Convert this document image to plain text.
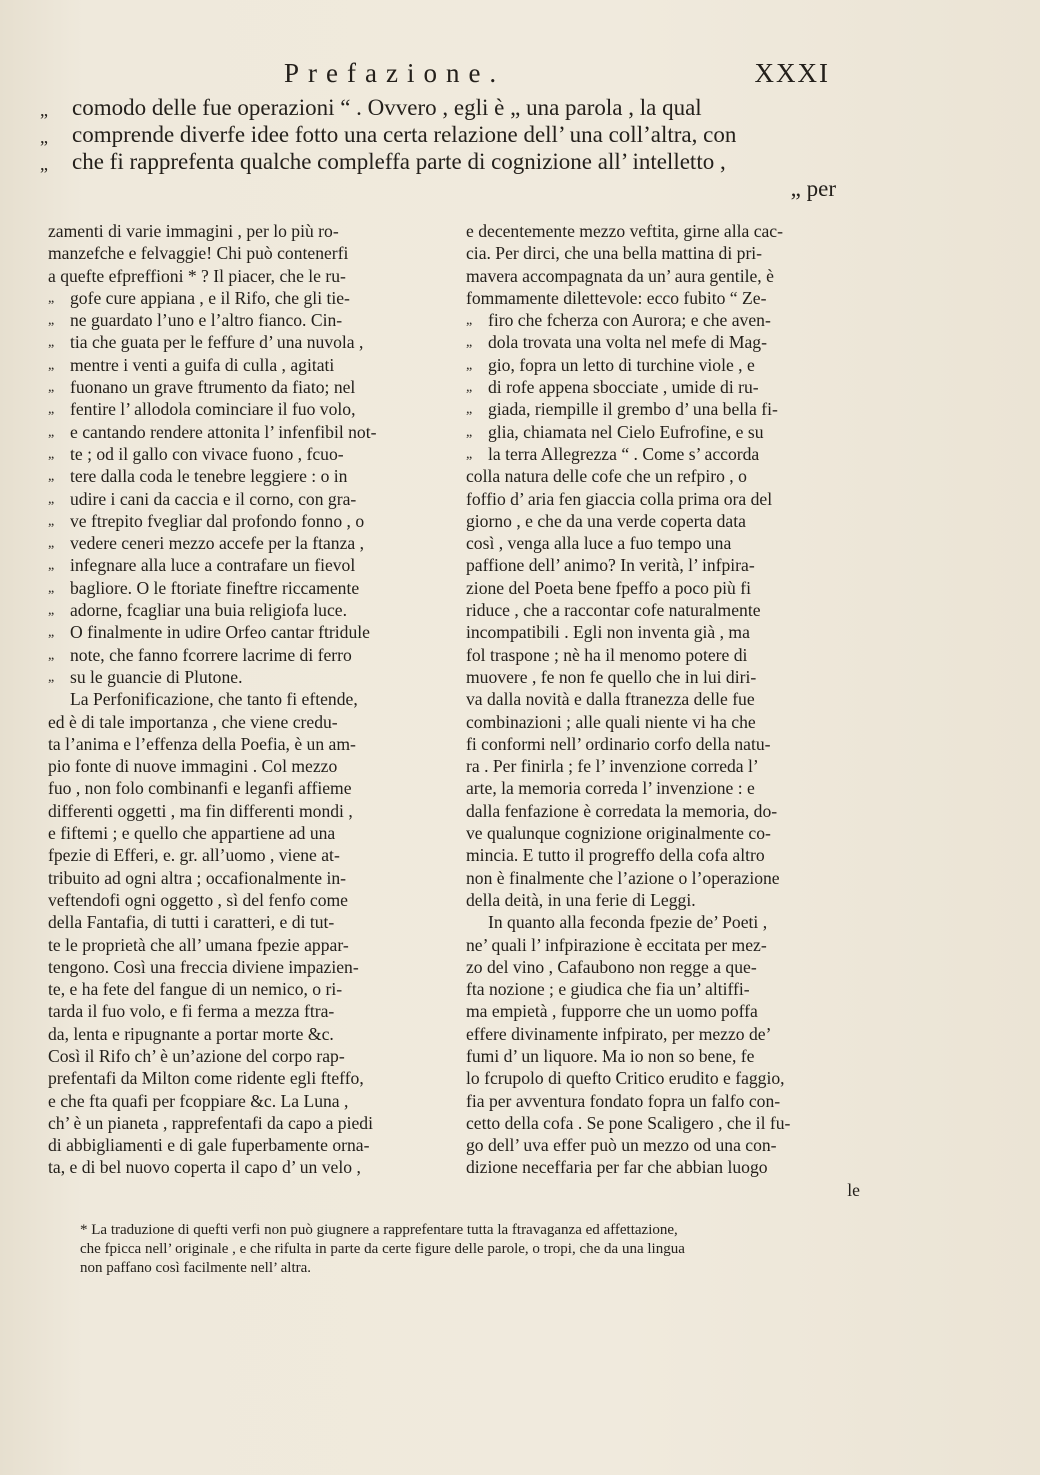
Prefazione.	XXXI
„ comodo delle fue operazioni “ . Ovvero , egli è „ una parola , la qual
„ comprende diverfe idee fotto una certa relazione dell’ una coll’altra, con
„ che fi rapprefenta qualche compleffa parte di cognizione all’ intelletto ,
„ per
zamenti di varie immagini , per lo più ro-
manzefche e felvaggie! Chi può contenerfi
a quefte efpreffioni * ? Il piacer, che le ru-
„ gofe cure appiana , e il Rifo, che gli tie-
„ ne guardato l’uno e l’altro fianco. Cin-
„ tia che guata per le feffure d’ una nuvola ,
„ mentre i venti a guifa di culla , agitati
„ fuonano un grave ftrumento da fiato; nel
„ fentire l’ allodola cominciare il fuo volo,
„ e cantando rendere attonita l’ infenfibil not-
„ te ; od il gallo con vivace fuono , fcuo-
„ tere dalla coda le tenebre leggiere : o in
„ udire i cani da caccia e il corno, con gra-
„ ve ftrepito fvegliar dal profondo fonno , o
„ vedere ceneri mezzo accefe per la ftanza ,
„ infegnare alla luce a contrafare un fievol
„ bagliore. O le ftoriate fineftre riccamente
„ adorne, fcagliar una buia religiofa luce.
„ O finalmente in udire Orfeo cantar ftridule
„ note, che fanno fcorrere lacrime di ferro
„ su le guancie di Plutone.
La Perfonificazione, che tanto fi eftende,
ed è di tale importanza , che viene credu-
ta l’anima e l’effenza della Poefia, è un am-
pio fonte di nuove immagini . Col mezzo
fuo , non folo combinanfi e leganfi affieme
differenti oggetti , ma fin differenti mondi ,
e fiftemi ; e quello che appartiene ad una
fpezie di Efferi, e. gr. all’uomo , viene at-
tribuito ad ogni altra ; occafionalmente in-
veftendofi ogni oggetto , sì del fenfo come
della Fantafia, di tutti i caratteri, e di tut-
te le proprietà che all’ umana fpezie appar-
tengono. Così una freccia diviene impazien-
te, e ha fete del fangue di un nemico, o ri-
tarda il fuo volo, e fi ferma a mezza ftra-
da, lenta e ripugnante a portar morte &c.
Così il Rifo ch’ è un’azione del corpo rap-
prefentafi da Milton come ridente egli fteffo,
e che fta quafi per fcoppiare &c. La Luna ,
ch’ è un pianeta , rapprefentafi da capo a piedi
di abbigliamenti e di gale fuperbamente orna-
ta, e di bel nuovo coperta il capo d’ un velo ,
e decentemente mezzo veftita, girne alla cac-
cia. Per dirci, che una bella mattina di pri-
mavera accompagnata da un’ aura gentile, è
fommamente dilettevole: ecco fubito “ Ze-
„ firo che fcherza con Aurora; e che aven-
„ dola trovata una volta nel mefe di Mag-
„ gio, fopra un letto di turchine viole , e
„ di rofe appena sbocciate , umide di ru-
„ giada, riempille il grembo d’ una bella fi-
„ glia, chiamata nel Cielo Eufrofine, e su
„ la terra Allegrezza “ . Come s’ accorda
colla natura delle cofe che un refpiro , o
foffio d’ aria fen giaccia colla prima ora del
giorno , e che da una verde coperta data
così , venga alla luce a fuo tempo una
paffione dell’ animo? In verità, l’ infpira-
zione del Poeta bene fpeffo a poco più fi
riduce , che a raccontar cofe naturalmente
incompatibili . Egli non inventa già , ma
fol traspone ; nè ha il menomo potere di
muovere , fe non fe quello che in lui diri-
va dalla novità e dalla ftranezza delle fue
combinazioni ; alle quali niente vi ha che
fi conformi nell’ ordinario corfo della natu-
ra . Per finirla ; fe l’ invenzione corredа l’
arte, la memoria corredа l’ invenzione : e
dalla fenfazione è corredata la memoria, do-
ve qualunque cognizione originalmente co-
mincia. E tutto il progreffo della cofa altro
non è finalmente che l’azione o l’operazione
della deità, in una ferie di Leggi.
In quanto alla feconda fpezie de’ Poeti ,
ne’ quali l’ infpirazione è eccitata per mez-
zo del vino , Cafaubono non regge a que-
fta nozione ; e giudica che fia un’ altiffi-
ma empietà , fupporre che un uomo poffa
effere divinamente infpirato, per mezzo de’
fumi d’ un liquore. Ma io non so bene, fe
lo fcrupolo di quefto Critico erudito e faggio,
fia per avventura fondato fopra un falfo con-
cetto della cofa . Se pone Scaligero , che il fu-
go dell’ uva effer può un mezzo od una con-
dizione neceffaria per far che abbian luogo
le
* La traduzione di quefti verfi non può giugnere a rapprefentare tutta la ftravaganza ed affettazione,
che fpicca nell’ originale , e che rifulta in parte da certe figure delle parole, o tropi, che da una lingua
non paffano così facilmente nell’ altra.
